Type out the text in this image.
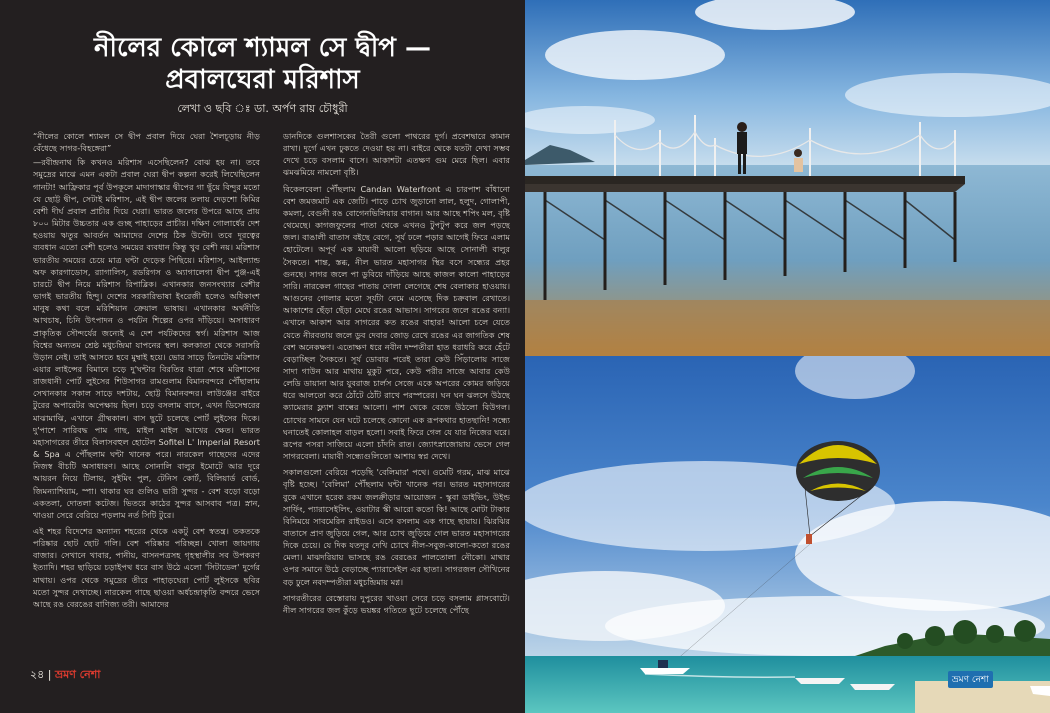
নীলের কোলে শ্যামল সে দ্বীপ —
প্রবালঘেরা মরিশাস
লেখা ও ছবি ঃ ডা. অর্পণ রায় চৌধুরী

“নীলের কোলে শ্যামল সে দ্বীপ প্রবাল দিয়ে ঘেরা শৈলচূড়ায় নীড় বেঁধেছে সাগর-বিহঙ্গেরা”

—রবীন্দ্রনাথ কি কখনও মরিশাস এসেছিলেন? বোঝ হয় না। তবে সমুদ্রের মাঝে এমন একটা প্রবাল ঘেরা দ্বীপ কল্পনা করেই লিখেছিলেন গানটা! আফ্রিকার পূর্ব উপকূলে মাদাগাস্কার দ্বীপের গা ছুঁয়ে বিন্দুর মতো যে ছোট্ট দ্বীপ, সেটাই মরিশাস, এই দ্বীপ জলের তলায় দেড়শো কিমির বেশী দীর্ঘ প্রবাল প্রাচীর দিয়ে ঘেরা। ভারত জলের উপরে আছে প্রায় ৮০০ মিটার উচ্চতার এক গুচ্ছ পাহাড়ের প্রাচীর। দক্ষিণ গোলার্ধের দেশ হওয়ায় ঋতুর আবর্তন আমাদের দেশের ঠিক উল্টো। তবে দূরত্বের ব্যবধান এতো বেশী হলেও সময়ের ব্যবধান কিন্তু খুব বেশী নয়। মরিশাস ভারতীয় সময়ের চেয়ে মাত্র ঘন্টা দেড়েক পিছিয়ে। মরিশাস, আইল্যান্ড অফ কারগাডোস, র‍্যাগালিস, রডরিগস ও অ্যাগালেগা দ্বীপ পুঞ্জ-এই চারটে দ্বীপ নিয়ে মরিশাস রিপাব্লিক। এখানকার জনসংখ্যার বেশীর ভাগই ভারতীয় হিন্দু। দেশের সরকারিভাষা ইংরেজী হলেও অধিকাংশ মানুষ কথা বলে মরিশিয়ান ক্রেয়াল ভাষায়। এখানকার অর্থনীতি আখচাষ, চিনি উৎপাদন ও পর্যটন শিল্পের ওপর দাঁড়িয়ে। অসাধারণ প্রাকৃতিক সৌন্দর্যের জন্যেই এ দেশ পর্যটকদের স্বর্গ। মরিশাস আজ বিশ্বের অন্যতম শ্রেষ্ঠ মধুচন্দ্রিমা যাপনের স্থল। কলকাতা থেকে সরাসরি উড়ান নেই। তাই আসতে হবে মুম্বাই হয়ে। ভোর সাড়ে তিনটেয় মরিশাস এয়ার লাইন্সের বিমানে চড়ে দু'ঘন্টার বিরতির যাত্রা শেষে মরিশাসের রাজধানী পোর্ট লুইসের শিউসাগর রামগুলাম বিমানবন্দরে পৌঁছালাম সেখানকার সকাল সাড়ে দশটায়, ছোট্ট বিমানবন্দর। লাউঞ্জের বাইরে টুরের অপারেটর অপেক্ষায় ছিল। চড়ে বসলাম বাসে, এখন ডিসেম্বরের মাঝামাঝি, এখানে গ্রীষ্মকাল। বাস ছুটে চলেছে পোর্ট লুইসের দিকে। দু'পাশে সারিবদ্ধ পাম গাছ, মাইল মাইল আখের ক্ষেত। ভারত মহাসাগরের তীরে বিলাসবহুল হোটেল Sofitel L' Imperial Resort & Spa এ পৌঁছলাম ঘন্টা খানেক পরে। নারকেল গাছেদের এদের নিজস্ব বীচটি অসাধারণ। আছে সোনালি বালুর ইমোটে আর দূরে আয়রন নিয়ে টিলায়, সুইমিং পুল, টেনিস কোর্ট, বিলিয়ার্ড বোর্ড, জিমন্যাশিয়াম, স্পা। থাকার ঘর গুলিও ভারী সুন্দর - বেশ বড়ো বড়ো একতলা, দোতলা কটেজ। ভিতরে কাঠের সুন্দর আসবাব পত্র। স্নান, খাওয়া সেরে বেরিয়ে পড়লাম নর্ত সিটি টুরে।

এই শহর বিদেশের অন্যান্য শহরের থেকে একটু বেশ স্বতন্ত্র। তকতকে পরিষ্কার ছোট ছোট গলি। বেশ পরিষ্কার পরিচ্ছন্ন। খোলা জায়গায় বাজার। সেখানে খাবার, পানীয়, বাসনপত্রসহ গৃহস্থালীর সব উপকরণ ইত্যাদি। শহর ছাড়িয়ে চড়াইপথ ধরে বাস উঠে এলো 'সিটাডেল' দুর্গের মাথায়। ওপর থেকে সমুদ্রের তীরে পাহাড়ঘেরা পোর্ট লুইসকে ছবির মতো সুন্দর দেখাচ্ছে। নারকেল গাছে ছাওয়া অর্ধচন্দ্রাকৃতি বন্দরে ভেসে আছে রঙ বেরঙের বাণিজ্য তরী। আমাদের

ডানদিকে গুলশাসকের তৈরী গুলো পাথরের দুর্গ। প্রবেশদ্বারে কামান রাখা। দুর্গে এখন ঢুকতে দেওয়া হয় না। বাইরে থেকে যতটা দেখা সম্ভব দেখে চড়ে বসলাম বাসে। আকাশটা এতক্ষণ গুম মেরে ছিল। এবার ঝমঝমিয়ে নামলো বৃষ্টি।

বিকেলবেলা পৌঁছলাম Candan Waterfront এ চারপাশ বাঁধানো বেশ জমজমাট এক জেটি। পাড়ে চোখ জুড়ানো লাল, হলুদ, গোলাপী, কমলা, বেগুনী রঙ বোগেনভিলিয়ার বাগান। আর আছে শপিং মল, বৃষ্টি থেমেছে। কাগজফুলের পাতা থেকে এখনও টুপটুপ করে জল পড়ছে জল। বাঙালী বাতাস বইছে বেগে, সূর্য ঢলে পড়ার আগেই ফিরে এলাম হোটেলে। অপূর্ব এক মায়াবী আলো ছড়িয়ে আছে সোনালী বালুর সৈকতে। শান্ত, স্তব্ধ, নীল ভারত মহাসাগর স্থির বসে সন্ধ্যের প্রহর গুনছে। সাগর জলে পা ডুবিয়ে দাঁড়িয়ে আছে কাজল কালো পাহাড়ের সারি। নারকেল গাছের পাতায় দোলা লেগেছে শেষ বেলাকার হাওয়ায়। আগুনের গোলার মতো সূর্যটা নেমে এসেছে দিক চক্রবাল রেখাতে। আকাশের ছেঁড়া ছেঁড়া মেঘে রঙের আভাস। সাগরের জলে রঙের বন্যা। এখানে আকাশ আর সাগরের কত রঙের বাহার! আলো চলে যেতে যেতে নীরবতায় জলে ডুব দেবার জোড় রেখে রঙের এর জাগতিক শেষ বেশ অনেকক্ষণ। এতোক্ষণ ধরে নবীন দম্পতীরা হাত ধরাধরি করে হেঁটে বেড়াচ্ছিল সৈকতে। সূর্য ডোবার পরেই তারা কেউ সিঁড়ালোয় সাজে সাদা গাউন আর মাথায় মুকুট পরে, কেউ পরীর সাজে আবার কেউ লেডি ডায়ানা আর যুবরাজ চার্লস সেজে একে অপরের কোমর জড়িয়ে ধরে আলতো করে ঠোঁটে ঠোঁট রাখে পরস্পরের। ঘন ঘন ঝলসে উঠছে ক্যামেরার ফ্ল্যাশ বাল্বের আলো। পাশ থেকে বেজে উঠলো বিউগল। চোখের সামনে যেন ঘটে চলেছে কোনো এক রূপকথার হাতছানি! সন্ধ্যে ঘনাতেই কোলাহল বাড়ল হলো। সবাই ফিরে গেল যে যার নিজের ঘরে। রূপের পসরা সাজিয়ে এলো চাঁদনি রাত। জ্যোৎস্নাজোয়ায় ভেসে গেল সাগরবেলা। মায়াবী সন্ধ্যেগুলিতো আশায় স্বপ্ন দেখে।

সকালগুলো বেরিয়ে পড়েছি 'বেলিমার' পথে। ওমেটি গরম, মাঝ মাঝে বৃষ্টি হচ্ছে। 'বেলিমা' পৌঁছলাম ঘন্টা খানেক পর। ভারত মহাসাগরের বুকে এখানে হরেক রকম জলক্রীড়ার আয়োজন - স্কুবা ডাইভিং, উইন্ড সার্ফিং, প্যারাসেইলিং, ওয়াটার স্কী আরো কতো কি! আছে মোটা টাকার বিনিময়ে সাবমেরিন রাইডও। এসে বসলাম এক গাছে ছায়ায়। ঝিরঝির বাতাসে প্রাণ জুড়িয়ে গেল, আর চোখ জুড়িয়ে গেল ভারত মহাসাগরের দিকে চেয়ে। যে দিক যতদূর দেখি চোখে নীল-সবুজ-কালো-কতো রঙের মেলা। মাঝদরিয়ায় ভাসছে রঙ বেরঙের পালতোলা নৌকো। মাথার ওপর সমানে উঠে বেড়াচ্ছে প্যারাসেইল এর ছাতা। সাগরজল সৌখিনের বড় ঢুলে নবদম্পতীরা মধুচন্দ্রিমায় মগ্ন।

সাগরতীরের রেস্তোরায় দুপুরের খাওয়া সেরে চড়ে বসলাম গ্লাসবোটে। নীল সাগরের জল কুঁড়ে ভয়ঙ্কর গতিতে ছুটে চলেছে পৌঁছে

২৪ | ভ্রমণ নেশা	ভ্রমণ নেশা
